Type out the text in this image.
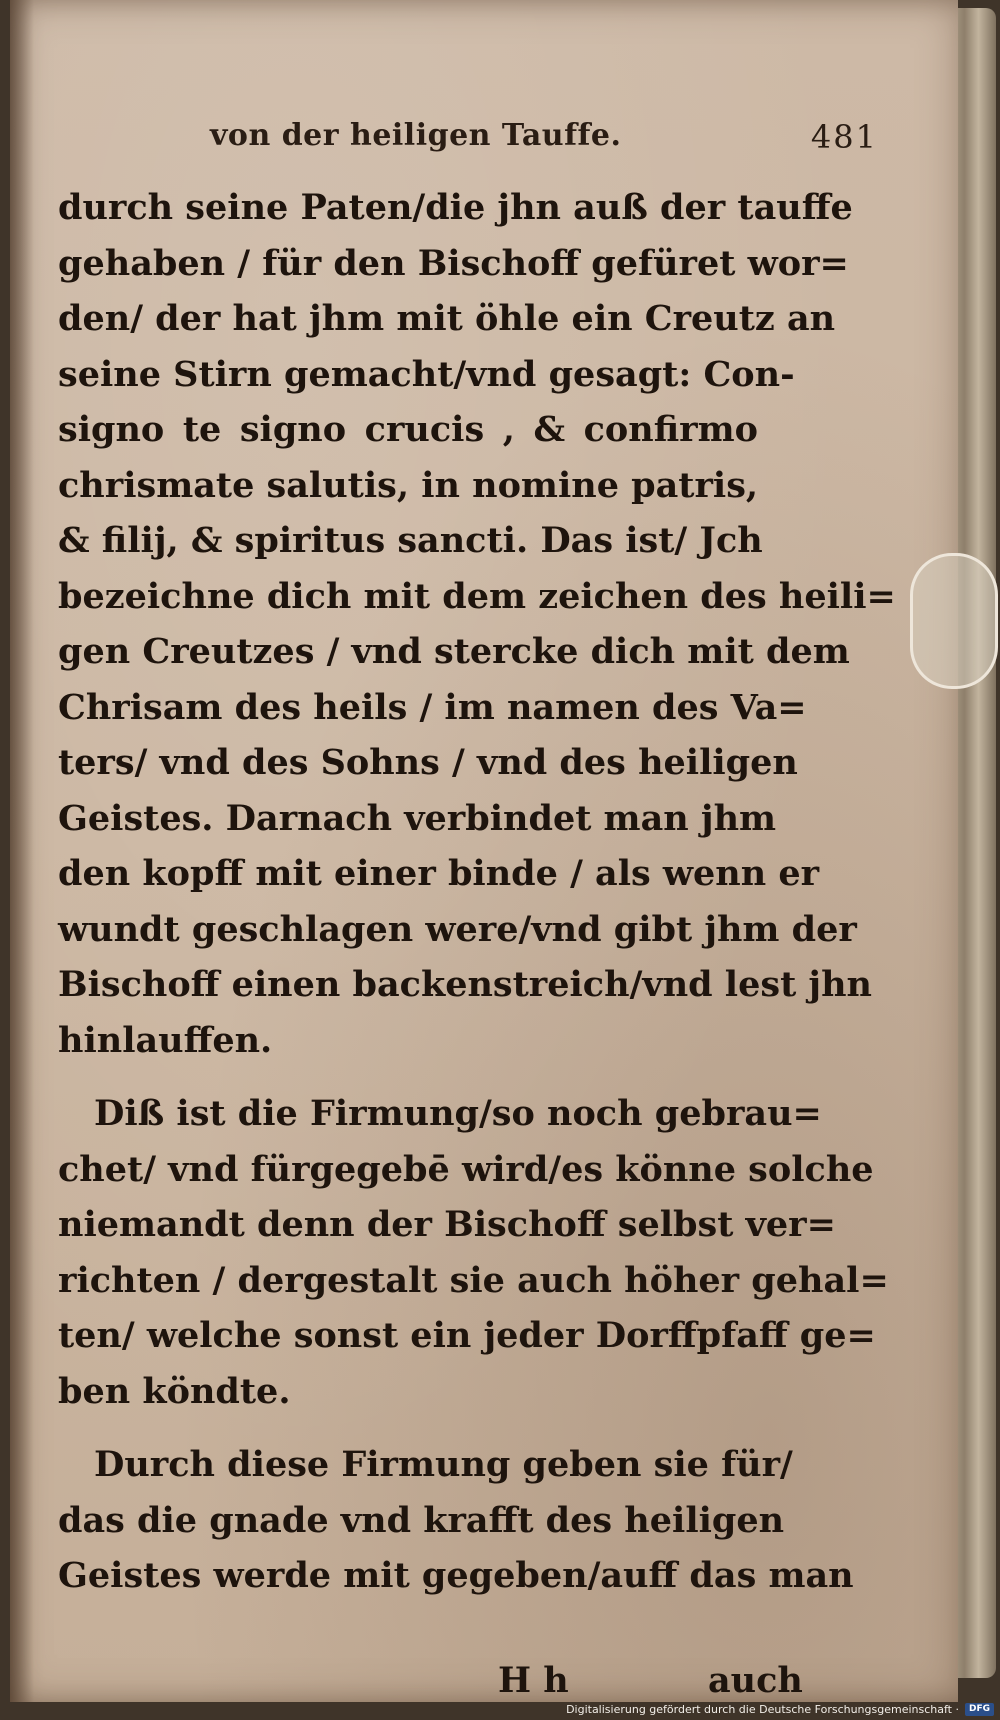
von der heiligen Tauffe.	481
durch seine Paten/die jhn auß der tauffe
gehaben / für den Bischoff gefüret wor=
den/ der hat jhm mit öhle ein Creutz an
seine Stirn gemacht/vnd gesagt: Con-
signo te signo crucis , & confirmo
chrismate salutis, in nomine patris,
& filij, & spiritus sancti. Das ist/ Jch
bezeichne dich mit dem zeichen des heili=
gen Creutzes / vnd stercke dich mit dem
Chrisam des heils / im namen des Va=
ters/ vnd des Sohns / vnd des heiligen
Geistes. Darnach verbindet man jhm
den kopff mit einer binde / als wenn er
wundt geschlagen were/vnd gibt jhm der
Bischoff einen backenstreich/vnd lest jhn
hinlauffen.
Diß ist die Firmung/so noch gebrau=
chet/ vnd fürgegebē wird/es könne solche
niemandt denn der Bischoff selbst ver=
richten / dergestalt sie auch höher gehal=
ten/ welche sonst ein jeder Dorffpfaff ge=
ben köndte.
Durch diese Firmung geben sie für/
das die gnade vnd krafft des heiligen
Geistes werde mit gegeben/auff das man
H h	auch
Digitalisierung gefördert durch die Deutsche Forschungsgemeinschaft ·	DFG
